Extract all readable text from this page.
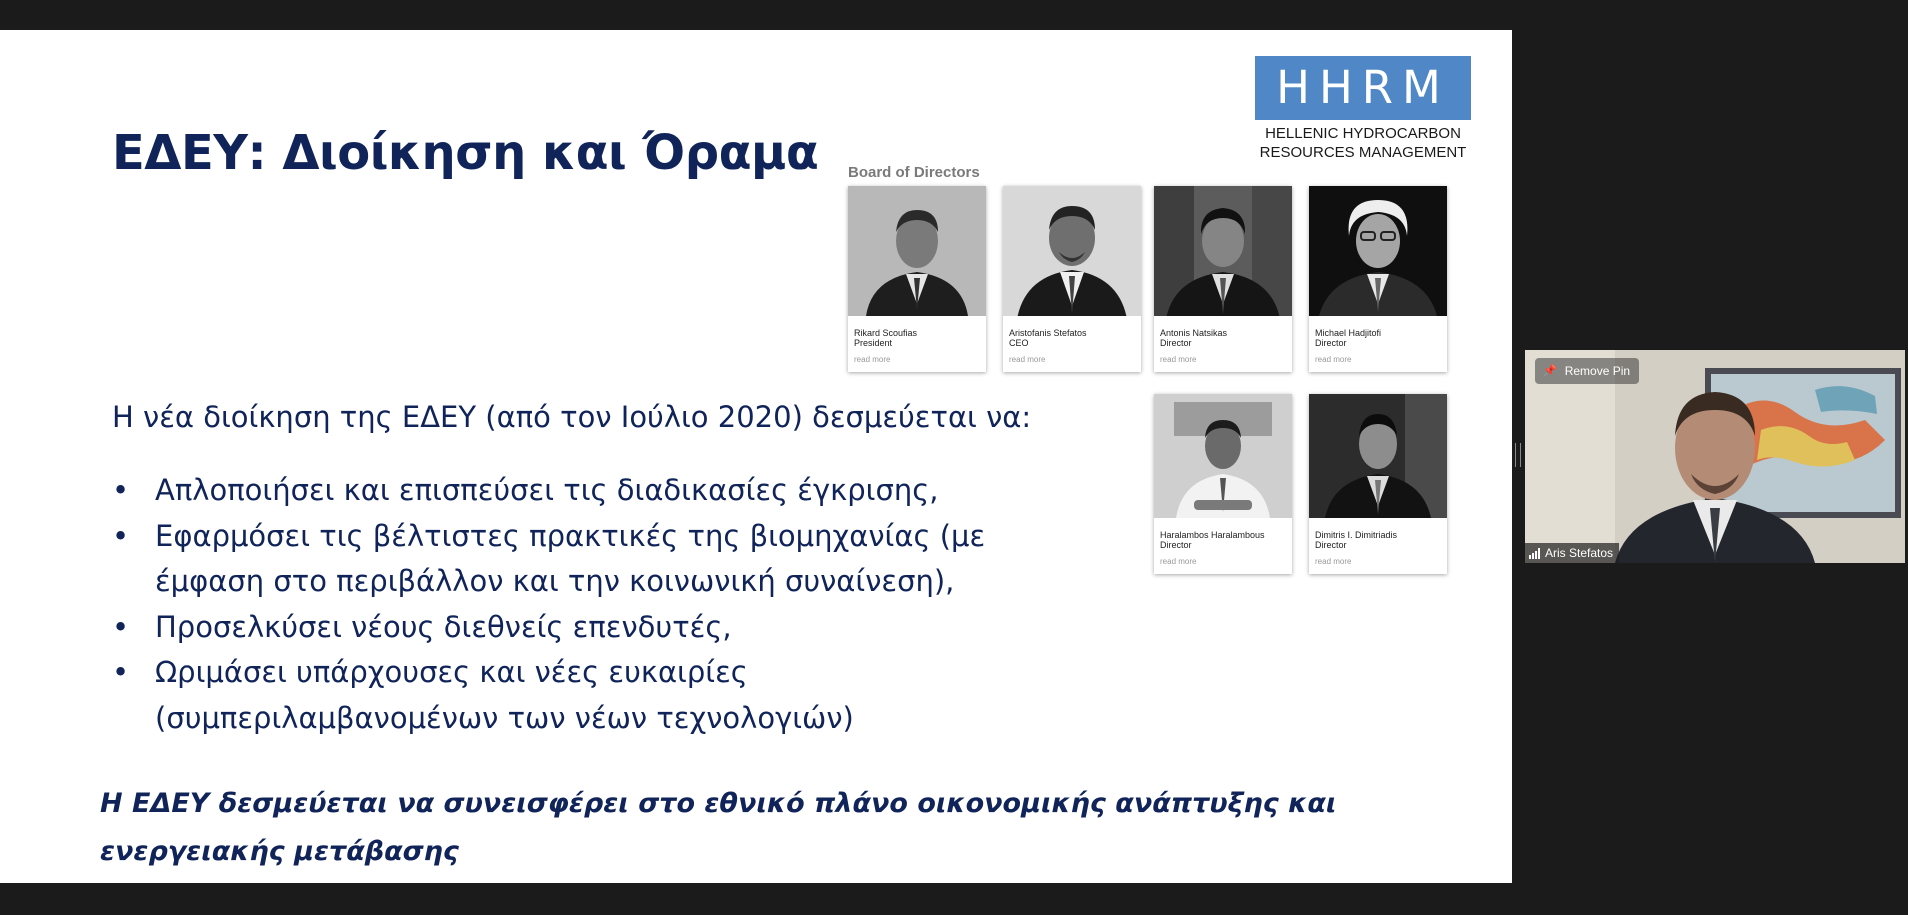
ΕΔΕΥ: Διοίκηση και Όραμα
HHRM
HELLENIC HYDROCARBON
RESOURCES MANAGEMENT
Board of Directors
Rikard Scoufias
President
read more
Aristofanis Stefatos
CEO
read more
Antonis Natsikas
Director
read more
Michael Hadjitofi
Director
read more
Haralambos Haralambous
Director
read more
Dimitris I. Dimitriadis
Director
read more

Η νέα διοίκηση της ΕΔΕΥ (από τον Ιούλιο 2020) δεσμεύεται να:

• Απλοποιήσει και επισπεύσει τις διαδικασίες έγκρισης,
• Εφαρμόσει τις βέλτιστες πρακτικές της βιομηχανίας (με έμφαση στο περιβάλλον και την κοινωνική συναίνεση),
• Προσελκύσει νέους διεθνείς επενδυτές,
• Ωριμάσει υπάρχουσες και νέες ευκαιρίες (συμπεριλαμβανομένων των νέων τεχνολογιών)

Η ΕΔΕΥ δεσμεύεται να συνεισφέρει στο εθνικό πλάνο οικονομικής ανάπτυξης και ενεργειακής μετάβασης

📌 Remove Pin
Aris Stefatos
